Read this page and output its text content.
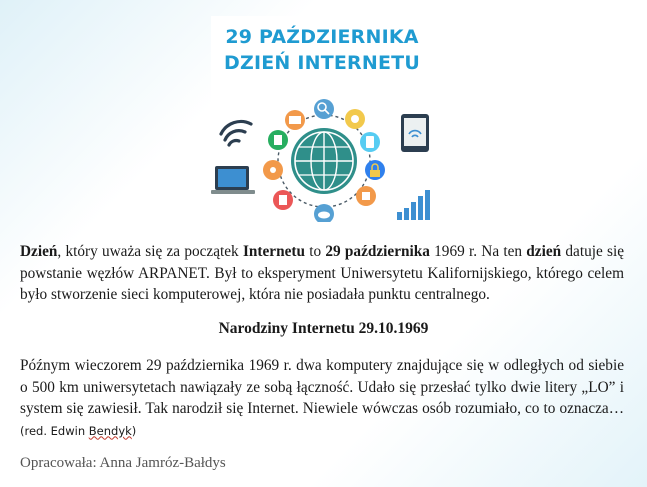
29 PAŹDZIERNIKA
DZIEŃ INTERNETU

Dzień, który uważa się za początek Internetu to 29 października 1969 r. Na ten dzień datuje się powstanie węzłów ARPANET. Był to eksperyment Uniwersytetu Kalifornijskiego, którego celem było stworzenie sieci komputerowej, która nie posiadała punktu centralnego.

Narodziny Internetu 29.10.1969

Późnym wieczorem 29 października 1969 r. dwa komputery znajdujące się w odległych od siebie o 500 km uniwersytetach nawiązały ze sobą łączność. Udało się przesłać tylko dwie litery „LO” i system się zawiesił. Tak narodził się Internet. Niewiele wówczas osób rozumiało, co to oznacza…(red. Edwin Bendyk)

Opracowała: Anna Jamróz-Bałdys
